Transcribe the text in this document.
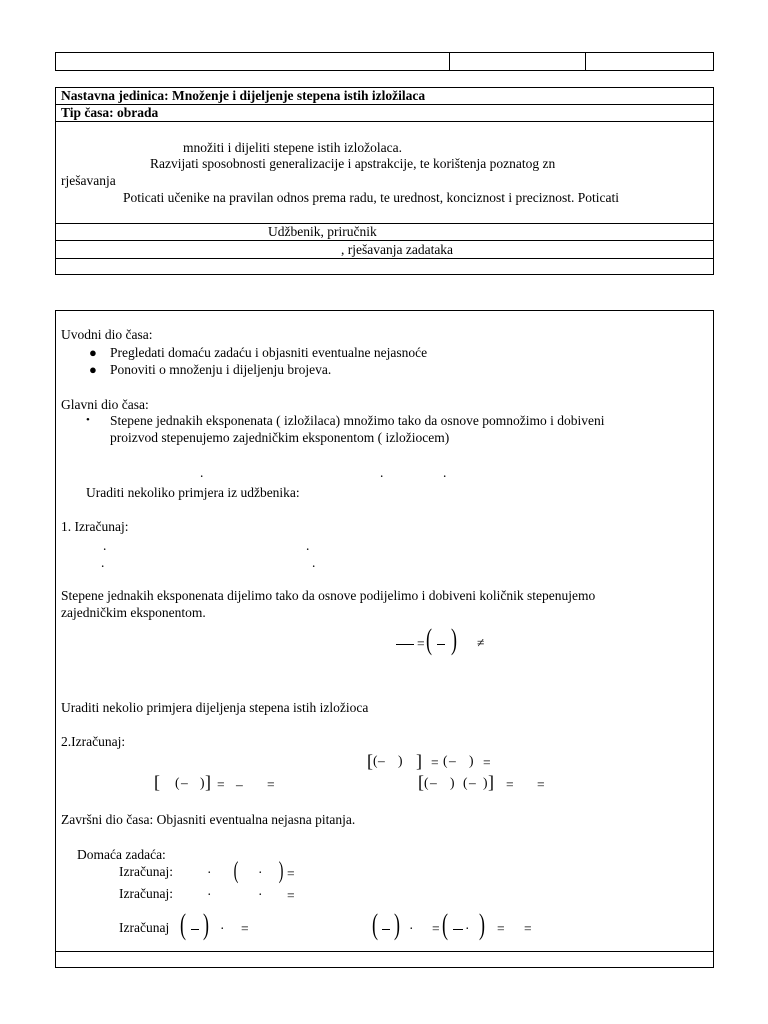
Nastavna jedinica: Množenje i dijeljenje stepena istih izložilaca
Tip časa: obrada
množiti i dijeliti stepene istih izložolaca.
Razvijati sposobnosti generalizacije i apstrakcije, te korištenja poznatog zn
rješavanja
Poticati učenike na pravilan odnos prema radu, te urednost, konciznost i preciznost. Poticati
Udžbenik, priručnik
, rješavanja zadataka
Uvodni dio časa:
● Pregledati domaću zadaću i objasniti eventualne nejasnoće
● Ponoviti o množenju i dijeljenju brojeva.
Glavni dio časa:
• Stepene jednakih eksponenata ( izložilaca) množimo tako da osnove pomnožimo i dobiveni
proizvod stepenujemo zajedničkim eksponentom ( izložiocem)
.	.	.
Uraditi nekoliko primjera iz udžbenika:
1. Izračunaj:
.	.
.	.
Stepene jednakih eksponenata dijelimo tako da osnove podijelimo i dobiveni količnik stepenujemo
zajedničkim eksponentom.
= ( ) ≠
Uraditi nekolio primjera dijeljenja stepena istih izložioca
2.Izračunaj:
[ ( – ) ] = ( – ) =
[ ( – ) ] = – =	[ ( – ) ( – ) ] = =
Završni dio časa: Objasniti eventualna nejasna pitanja.
Domaća zadaća:
Izračunaj:	· ( · ) =
Izračunaj:	·	· =
Izračunaj ( ) · =	( ) · = ( · ) = =
